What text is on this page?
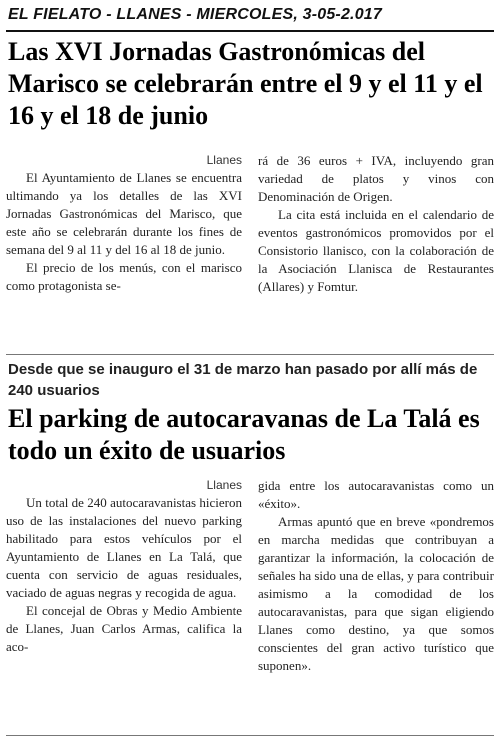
EL FIELATO - LLANES - MIERCOLES, 3-05-2.017
Las XVI Jornadas Gastronómicas del Marisco se celebrarán entre el 9 y el 11 y el 16 y el 18 de junio
Llanes

El Ayuntamiento de Llanes se encuentra ultimando ya los detalles de las XVI Jornadas Gastronómicas del Marisco, que este año se celebrarán durante los fines de semana del 9 al 11 y del 16 al 18 de junio.

El precio de los menús, con el marisco como protagonista se-

rá de 36 euros + IVA, incluyendo gran variedad de platos y vinos con Denominación de Origen.

La cita está incluida en el calendario de eventos gastronómicos promovidos por el Consistorio llanisco, con la colaboración de la Asociación Llanisca de Restaurantes (Allares) y Fomtur.

Desde que se inauguro el 31 de marzo han pasado por allí más de 240 usuarios
El parking de autocaravanas de La Talá es todo un éxito de usuarios
Llanes

Un total de 240 autocaravanistas hicieron uso de las instalaciones del nuevo parking habilitado para estos vehículos por el Ayuntamiento de Llanes en La Talá, que cuenta con servicio de aguas residuales, vaciado de aguas negras y recogida de agua.

El concejal de Obras y Medio Ambiente de Llanes, Juan Carlos Armas, califica la aco-

gida entre los autocaravanistas como un «éxito».

Armas apuntó que en breve «pondremos en marcha medidas que contribuyan a garantizar la información, la colocación de señales ha sido una de ellas, y para contribuir asimismo a la comodidad de los autocaravanistas, para que sigan eligiendo Llanes como destino, ya que somos conscientes del gran activo turístico que suponen».
